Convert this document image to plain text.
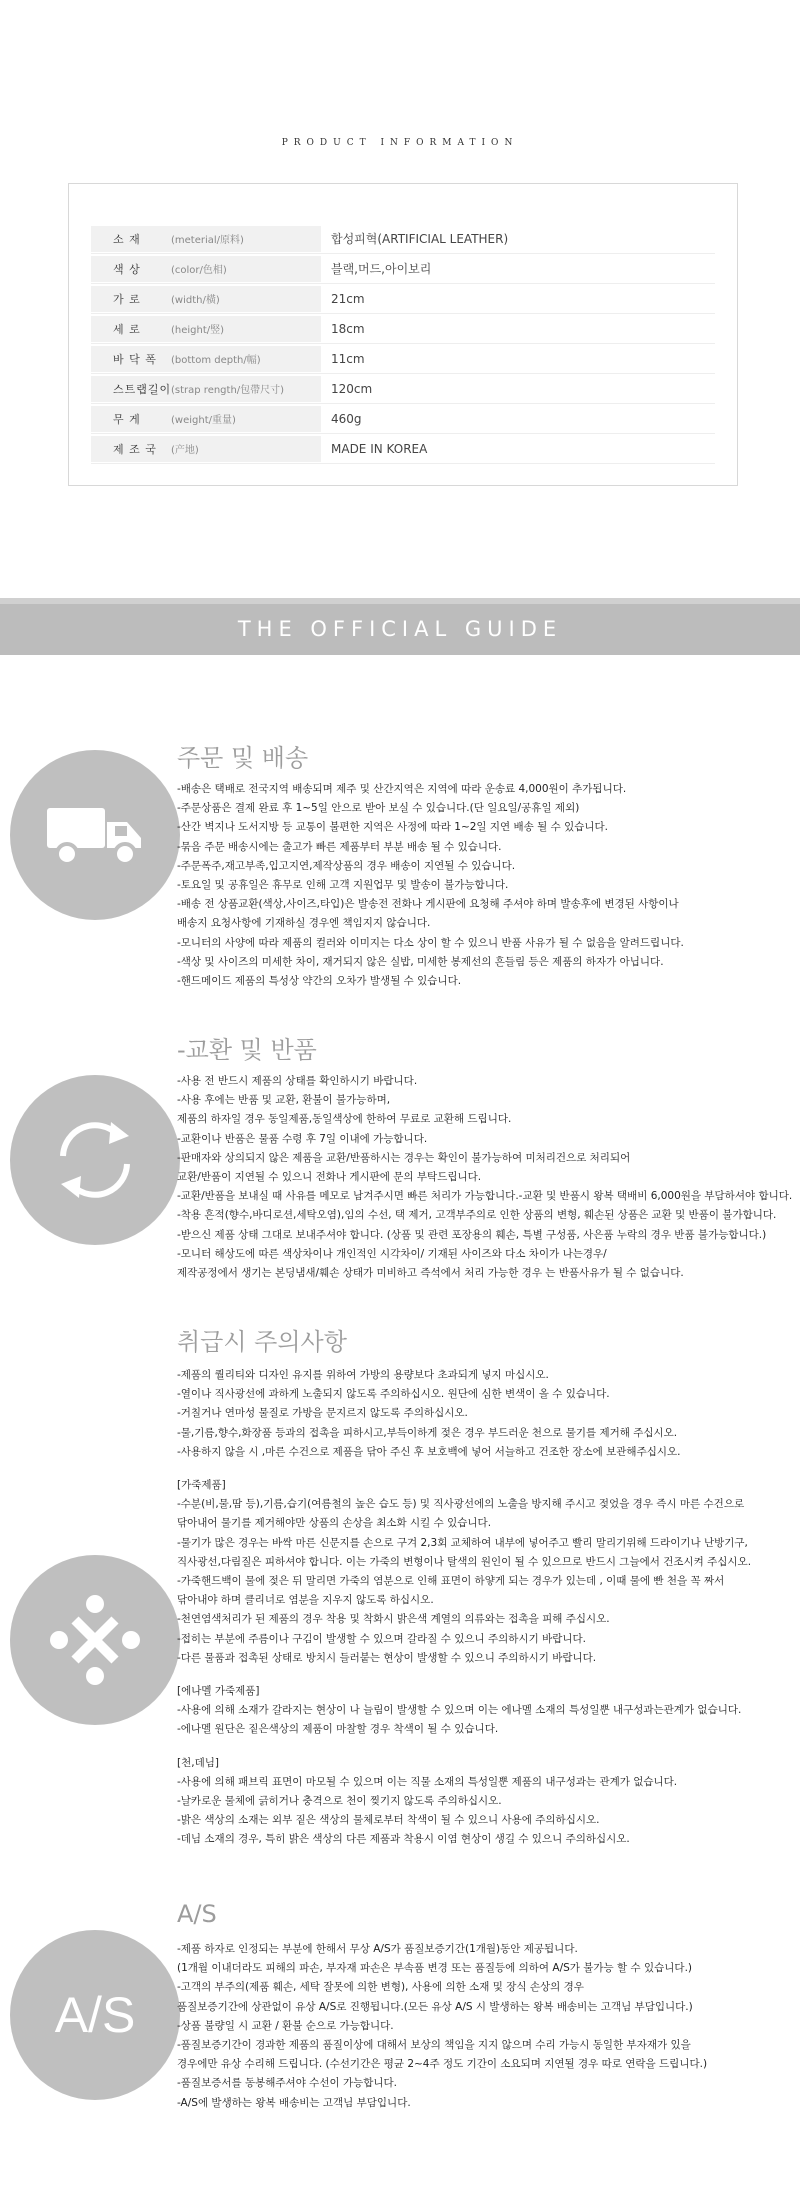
PRODUCT INFORMATION
소 재	(meterial/原料)	합성피혁(ARTIFICIAL LEATHER)
색 상	(color/色相)	블랙,머드,아이보리
가 로	(width/橫)	21cm
세 로	(height/竪)	18cm
바 닥 폭	(bottom depth/幅)	11cm
스트랩길이 (strap rength/包帶尺寸)	120cm
무 게	(weight/重量)	460g
제 조 국	(产地)	MADE IN KOREA
THE OFFICIAL GUIDE
주문 및 배송
-배송은 택배로 전국지역 배송되며 제주 및 산간지역은 지역에 따라 운송료 4,000원이 추가됩니다.
-주문상품은 결제 완료 후 1~5일 안으로 받아 보실 수 있습니다.(단 일요일/공휴일 제외)
-산간 벽지나 도서지방 등 교통이 불편한 지역은 사정에 따라 1~2일 지연 배송 될 수 있습니다.
-묶음 주문 배송시에는 출고가 빠른 제품부터 부분 배송 될 수 있습니다.
-주문폭주,재고부족,입고지연,제작상품의 경우 배송이 지연될 수 있습니다.
-토요일 및 공휴일은 휴무로 인해 고객 지원업무 및 발송이 불가능합니다.
-배송 전 상품교환(색상,사이즈,타입)은 발송전 전화나 게시판에 요청해 주셔야 하며 발송후에 변경된 사항이나
배송지 요청사항에 기재하실 경우엔 책임지지 않습니다.
-모니터의 사양에 따라 제품의 컬러와 이미지는 다소 상이 할 수 있으니 반품 사유가 될 수 없음을 알려드립니다.
-색상 및 사이즈의 미세한 차이, 재거되지 않은 실밥, 미세한 봉제선의 흔들림 등은 제품의 하자가 아닙니다.
-핸드메이드 제품의 특성상 약간의 오차가 발생될 수 있습니다.
-교환 및 반품
-사용 전 반드시 제품의 상태를 확인하시기 바랍니다.
-사용 후에는 반품 및 교환, 환불이 불가능하며,
제품의 하자일 경우 동일제품,동일색상에 한하여 무료로 교환해 드립니다.
-교환이나 반품은 물품 수령 후 7일 이내에 가능합니다.
-판매자와 상의되지 않은 제품을 교환/반품하시는 경우는 확인이 불가능하여 미처리건으로 처리되어
교환/반품이 지연될 수 있으니 전화나 게시판에 문의 부탁드립니다.
-교환/반품을 보내실 때 사유를 메모로 남겨주시면 빠른 처리가 가능합니다.-교환 및 반품시 왕복 택배비 6,000원을 부담하셔야 합니다.
-착용 흔적(향수,바디로션,세탁오염),임의 수선, 택 제거, 고객부주의로 인한 상품의 변형, 훼손된 상품은 교환 및 반품이 불가합니다.
-받으신 제품 상태 그대로 보내주셔야 합니다. (상품 및 관련 포장용의 훼손, 특별 구성품, 사은품 누락의 경우 반품 불가능합니다.)
-모니터 해상도에 따른 색상차이나 개인적인 시각차이/ 기재된 사이즈와 다소 차이가 나는경우/
제작공정에서 생기는 본딩냄새/훼손 상태가 미비하고 즉석에서 처리 가능한 경우 는 반품사유가 될 수 없습니다.
취급시 주의사항
-제품의 퀄리티와 디자인 유지를 위하여 가방의 용량보다 초과되게 넣지 마십시오.
-열이나 직사광선에 과하게 노출되지 않도록 주의하십시오. 원단에 심한 변색이 올 수 있습니다.
-거칠거나 연마성 물질로 가방을 문지르지 않도록 주의하십시오.
-물,기름,향수,화장품 등과의 접촉을 피하시고,부득이하게 젖은 경우 부드러운 천으로 물기를 제거해 주십시오.
-사용하지 않을 시 ,마른 수건으로 제품을 닦아 주신 후 보호백에 넣어 서늘하고 건조한 장소에 보관해주십시오.
[가죽제품]
-수분(비,물,땀 등),기름,습기(여름철의 높은 습도 등) 및 직사광선에의 노출을 방지해 주시고 젖었을 경우 즉시 마른 수건으로
닦아내어 물기를 제거해야만 상품의 손상을 최소화 시킬 수 있습니다.
-물기가 많은 경우는 바싹 마른 신문지를 손으로 구겨 2,3회 교체하여 내부에 넣어주고 빨리 말리기위해 드라이기나 난방기구,
직사광선,다림질은 피하셔야 합니다. 이는 가죽의 변형이나 탈색의 원인이 될 수 있으므로 반드시 그늘에서 건조시켜 주십시오.
-가죽핸드백이 물에 젖은 뒤 말리면 가죽의 염분으로 인해 표면이 하얗게 되는 경우가 있는데 , 이때 물에 빤 천을 꼭 짜서
닦아내야 하며 클리너로 염분을 지우지 않도록 하십시오.
-천연염색처리가 된 제품의 경우 착용 및 착화시 밝은색 계열의 의류와는 접촉을 피해 주십시오.
-접히는 부분에 주름이나 구김이 발생할 수 있으며 갈라질 수 있으니 주의하시기 바랍니다.
-다른 물품과 접촉된 상태로 방치시 들러붙는 현상이 발생할 수 있으니 주의하시기 바랍니다.
[에나멜 가죽제품]
-사용에 의해 소재가 갈라지는 현상이 나 늘림이 발생할 수 있으며 이는 에나멜 소재의 특성일뿐 내구성과는관계가 없습니다.
-에나멜 원단은 짙은색상의 제품이 마찰할 경우 착색이 될 수 있습니다.
[천,데님]
-사용에 의해 패브릭 표면이 마모될 수 있으며 이는 직물 소재의 특성일뿐 제품의 내구성과는 관계가 없습니다.
-날카로운 물체에 긁히거나 충격으로 천이 찢기지 않도록 주의하십시오.
-밝은 색상의 소재는 외부 짙은 색상의 물체로부터 착색이 될 수 있으니 사용에 주의하십시오.
-데님 소재의 경우, 특히 밝은 색상의 다른 제품과 착용시 이염 현상이 생길 수 있으니 주의하십시오.
A/S
A/S
-제품 하자로 인정되는 부분에 한해서 무상 A/S가 품질보증기간(1개월)동안 제공됩니다.
(1개월 이내더라도 피해의 파손, 부자재 파손은 부속품 변경 또는 품질등에 의하여 A/S가 불가능 할 수 있습니다.)
-고객의 부주의(제품 훼손, 세탁 잘못에 의한 변형), 사용에 의한 소재 및 장식 손상의 경우
품질보증기간에 상관없이 유상 A/S로 진행됩니다.(모든 유상 A/S 시 발생하는 왕복 배송비는 고객님 부담입니다.)
-상품 불량일 시 교환 / 환불 순으로 가능합니다.
-품질보증기간이 경과한 제품의 품질이상에 대해서 보상의 책임을 지지 않으며 수리 가능시 동일한 부자재가 있을
경우에만 유상 수리해 드립니다. (수선기간은 평균 2~4주 정도 기간이 소요되며 지연될 경우 따로 연락을 드립니다.)
-품질보증서를 동봉해주셔야 수선이 가능합니다.
-A/S에 발생하는 왕복 배송비는 고객님 부담입니다.
